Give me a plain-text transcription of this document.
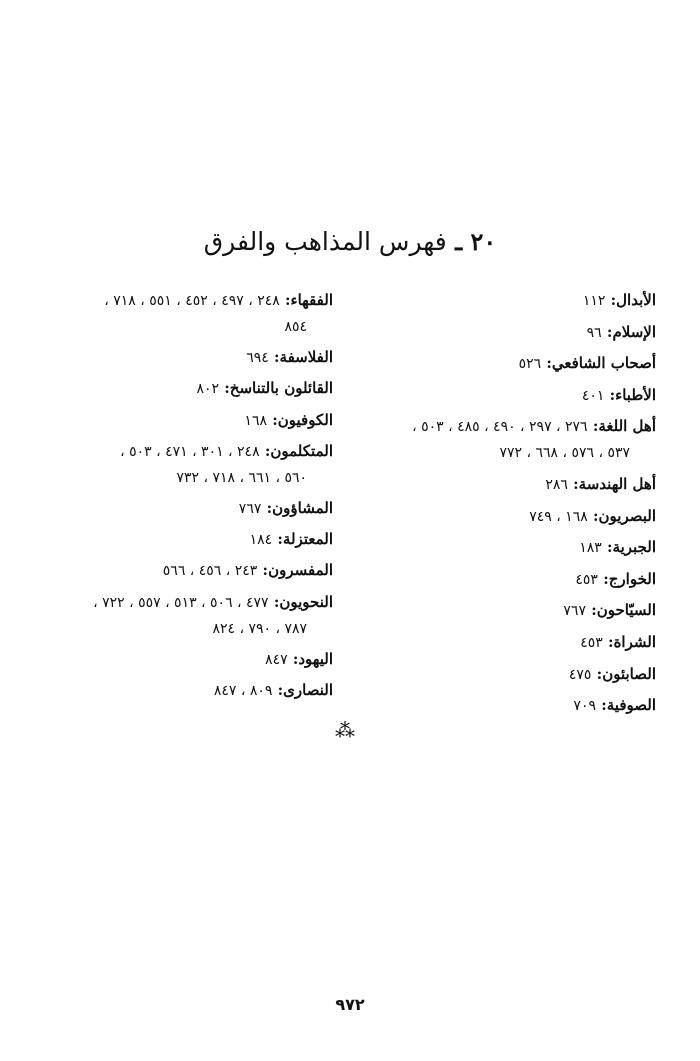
٢٠ ـ فهرس المذاهب والفرق
الأبدال: ١١٢
الإسلام: ٩٦
أصحاب الشافعي: ٥٢٦
الأطباء: ٤٠١
أهل اللغة: ٢٧٦ ، ٢٩٧ ، ٤٩٠ ، ٤٨٥ ، ٥٠٣ ،
٥٣٧ ، ٥٧٦ ، ٦٦٨ ، ٧٧٢
أهل الهندسة: ٢٨٦
البصريون: ١٦٨ ، ٧٤٩
الجبرية: ١٨٣
الخوارج: ٤٥٣
السيّاحون: ٧٦٧
الشراة: ٤٥٣
الصابئون: ٤٧٥
الصوفية: ٧٠٩
الفقهاء: ٢٤٨ ، ٤٩٧ ، ٤٥٢ ، ٥٥١ ، ٧١٨ ،
٨٥٤
الفلاسفة: ٦٩٤
القائلون بالتناسخ: ٨٠٢
الكوفيون: ١٦٨
المتكلمون: ٢٤٨ ، ٣٠١ ، ٤٧١ ، ٥٠٣ ،
٥٦٠ ، ٦٦١ ، ٧١٨ ، ٧٣٢
المشاؤون: ٧٦٧
المعتزلة: ١٨٤
المفسرون: ٢٤٣ ، ٤٥٦ ، ٥٦٦
النحويون: ٤٧٧ ، ٥٠٦ ، ٥١٣ ، ٥٥٧ ، ٧٢٢ ،
٧٨٧ ، ٧٩٠ ، ٨٢٤
اليهود: ٨٤٧
النصارى: ٨٠٩ ، ٨٤٧
⁂
٩٧٢
